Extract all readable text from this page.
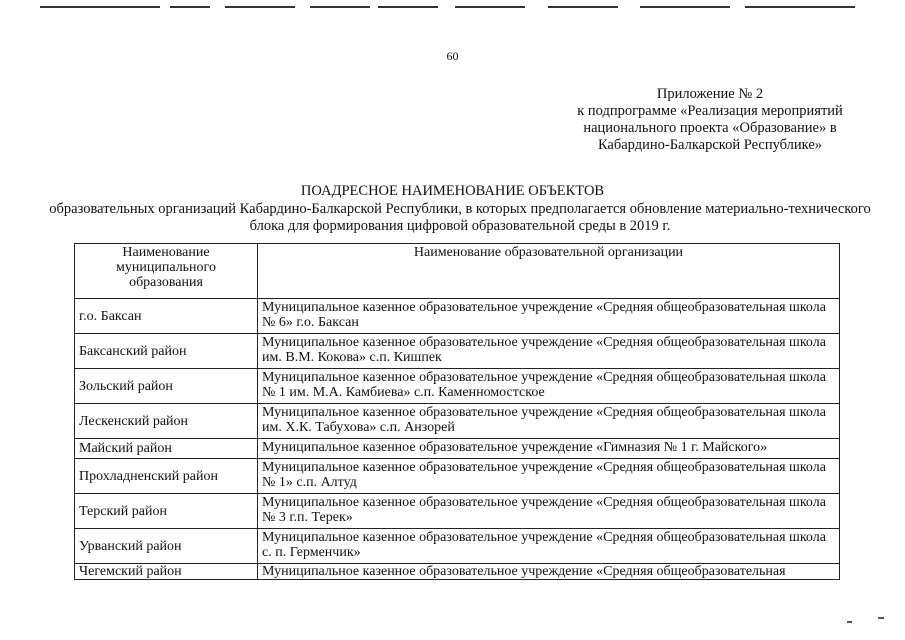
60
Приложение № 2
к подпрограмме «Реализация мероприятий
национального проекта «Образование» в
Кабардино-Балкарской Республике»
ПОАДРЕСНОЕ НАИМЕНОВАНИЕ ОБЪЕКТОВ
образовательных организаций Кабардино-Балкарской Республики, в которых предполагается обновление материально-технического блока для формирования цифровой образовательной среды в 2019 г.
Наименование муниципального образования	Наименование образовательной организации
г.о. Баксан	Муниципальное казенное образовательное учреждение «Средняя общеобразовательная школа № 6» г.о. Баксан
Баксанский район	Муниципальное казенное образовательное учреждение «Средняя общеобразовательная школа им. В.М. Кокова» с.п. Кишпек
Зольский район	Муниципальное казенное образовательное учреждение «Средняя общеобразовательная школа № 1 им. М.А. Камбиева» с.п. Каменномостское
Лескенский район	Муниципальное казенное образовательное учреждение «Средняя общеобразовательная школа им. Х.К. Табухова» с.п. Анзорей
Майский район	Муниципальное казенное образовательное учреждение «Гимназия № 1 г. Майского»
Прохладненский район	Муниципальное казенное образовательное учреждение «Средняя общеобразовательная школа № 1» с.п. Алтуд
Терский район	Муниципальное казенное образовательное учреждение «Средняя общеобразовательная школа № 3 г.п. Терек»
Урванский район	Муниципальное казенное образовательное учреждение «Средняя общеобразовательная школа с. п. Герменчик»
Чегемский район	Муниципальное казенное образовательное учреждение «Средняя общеобразовательная
